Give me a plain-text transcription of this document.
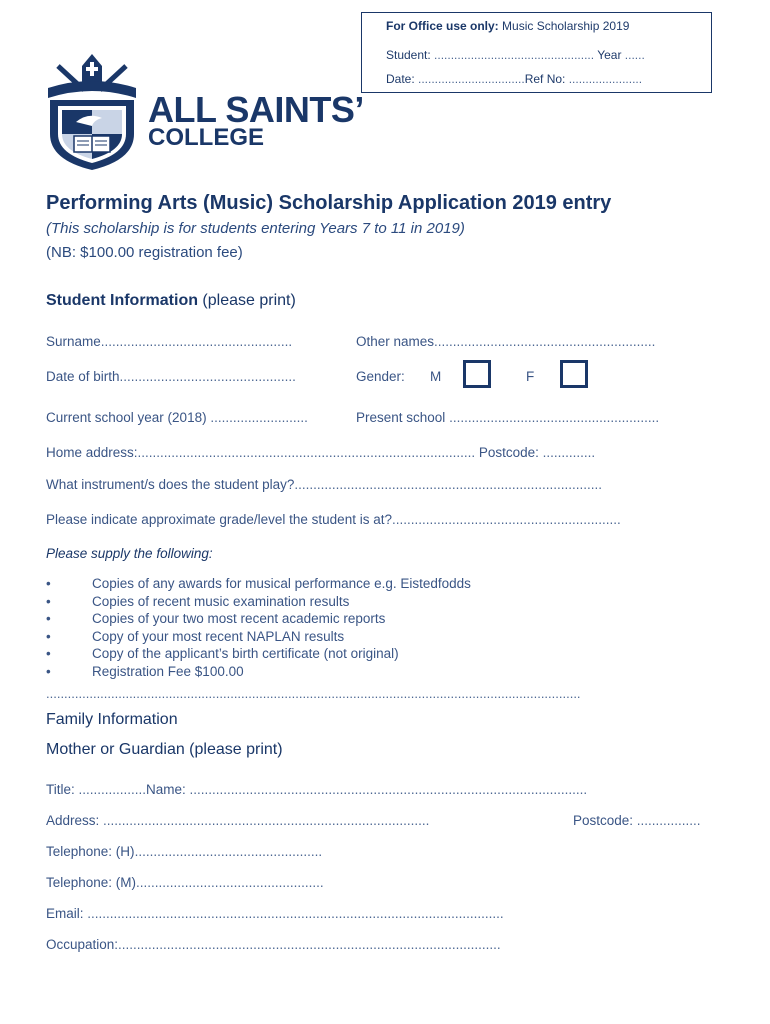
For Office use only: Music Scholarship 2019
Student: ................................................ Year ......
Date: ................................Ref No: ......................
ALL SAINTS’
COLLEGE
Performing Arts (Music) Scholarship Application 2019 entry
(This scholarship is for students entering Years 7 to 11 in 2019)
(NB: $100.00 registration fee)
Student Information (please print)
Surname...................................................	Other names...........................................................
Date of birth...............................................	Gender: M	F
Current school year (2018) ..........................	Present school ........................................................
Home address:.......................................................................................... Postcode: ..............
What instrument/s does the student play?..................................................................................
Please indicate approximate grade/level the student is at?.............................................................
Please supply the following:
•	Copies of any awards for musical performance e.g. Eistedfodds
•	Copies of recent music examination results
•	Copies of your two most recent academic reports
•	Copy of your most recent NAPLAN results
•	Copy of the applicant’s birth certificate (not original)
•	Registration Fee $100.00
....................................................................................................................................................
Family Information
Mother or Guardian (please print)
Title: ..................Name: ..........................................................................................................
Address: .......................................................................................	Postcode: .................
Telephone: (H)..................................................
Telephone: (M)..................................................
Email: ...............................................................................................................
Occupation:......................................................................................................
